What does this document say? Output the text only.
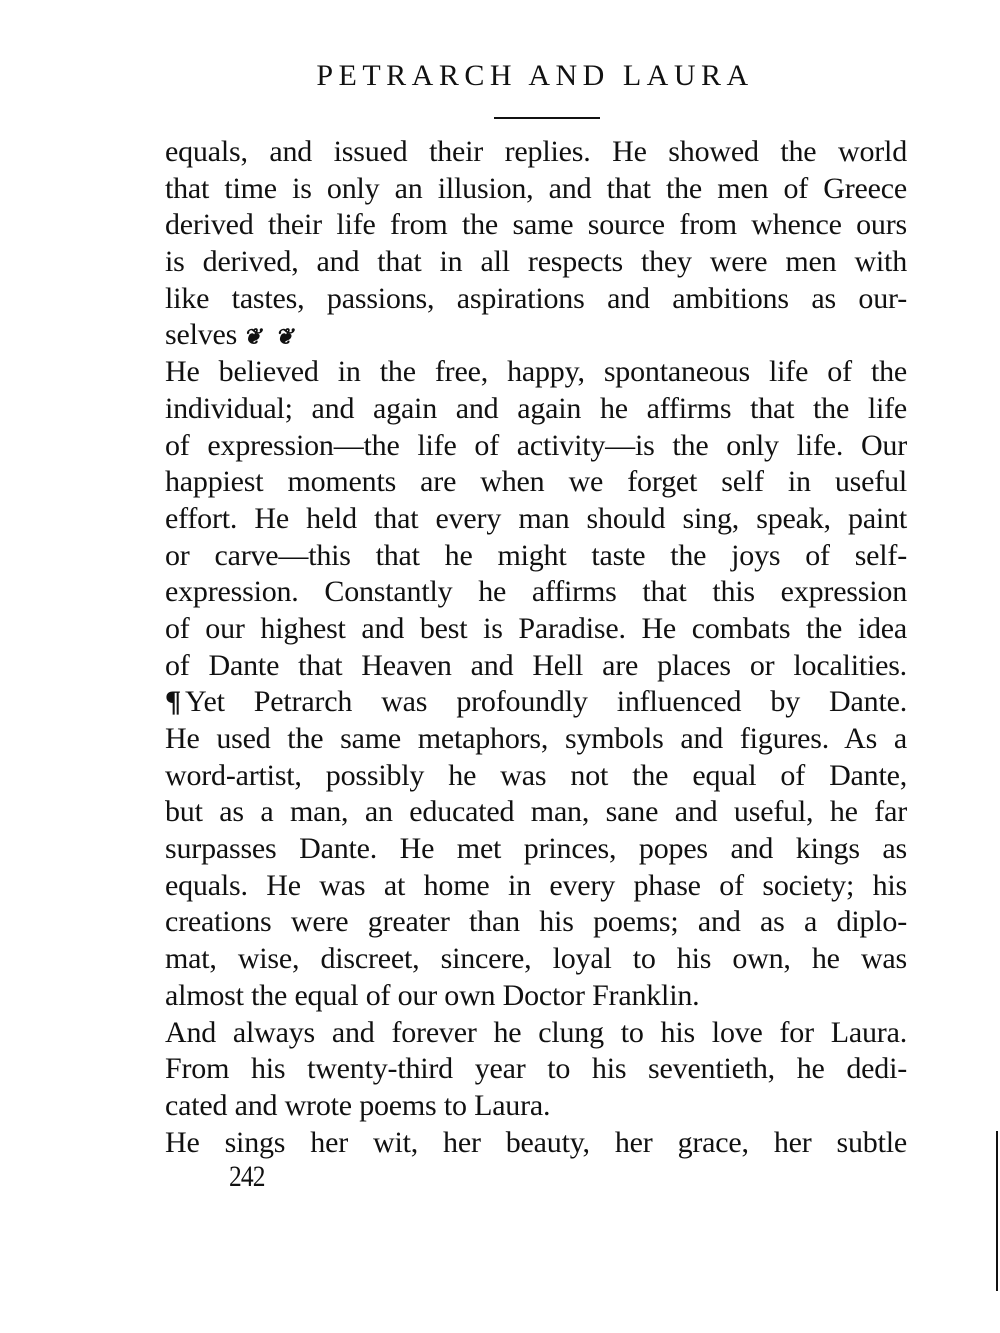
PETRARCH AND LAURA
equals, and issued their replies. He showed the world
that time is only an illusion, and that the men of Greece
derived their life from the same source from whence ours
is derived, and that in all respects they were men with
like tastes, passions, aspirations and ambitions as our-
selves ❦ ❦
He believed in the free, happy, spontaneous life of the
individual; and again and again he affirms that the life
of expression—the life of activity—is the only life. Our
happiest moments are when we forget self in useful
effort. He held that every man should sing, speak, paint
or carve—this that he might taste the joys of self-
expression. Constantly he affirms that this expression
of our highest and best is Paradise. He combats the idea
of Dante that Heaven and Hell are places or localities.
¶ Yet Petrarch was profoundly influenced by Dante.
He used the same metaphors, symbols and figures. As a
word-artist, possibly he was not the equal of Dante,
but as a man, an educated man, sane and useful, he far
surpasses Dante. He met princes, popes and kings as
equals. He was at home in every phase of society; his
creations were greater than his poems; and as a diplo-
mat, wise, discreet, sincere, loyal to his own, he was
almost the equal of our own Doctor Franklin.
And always and forever he clung to his love for Laura.
From his twenty-third year to his seventieth, he dedi-
cated and wrote poems to Laura.
He sings her wit, her beauty, her grace, her subtle
242
